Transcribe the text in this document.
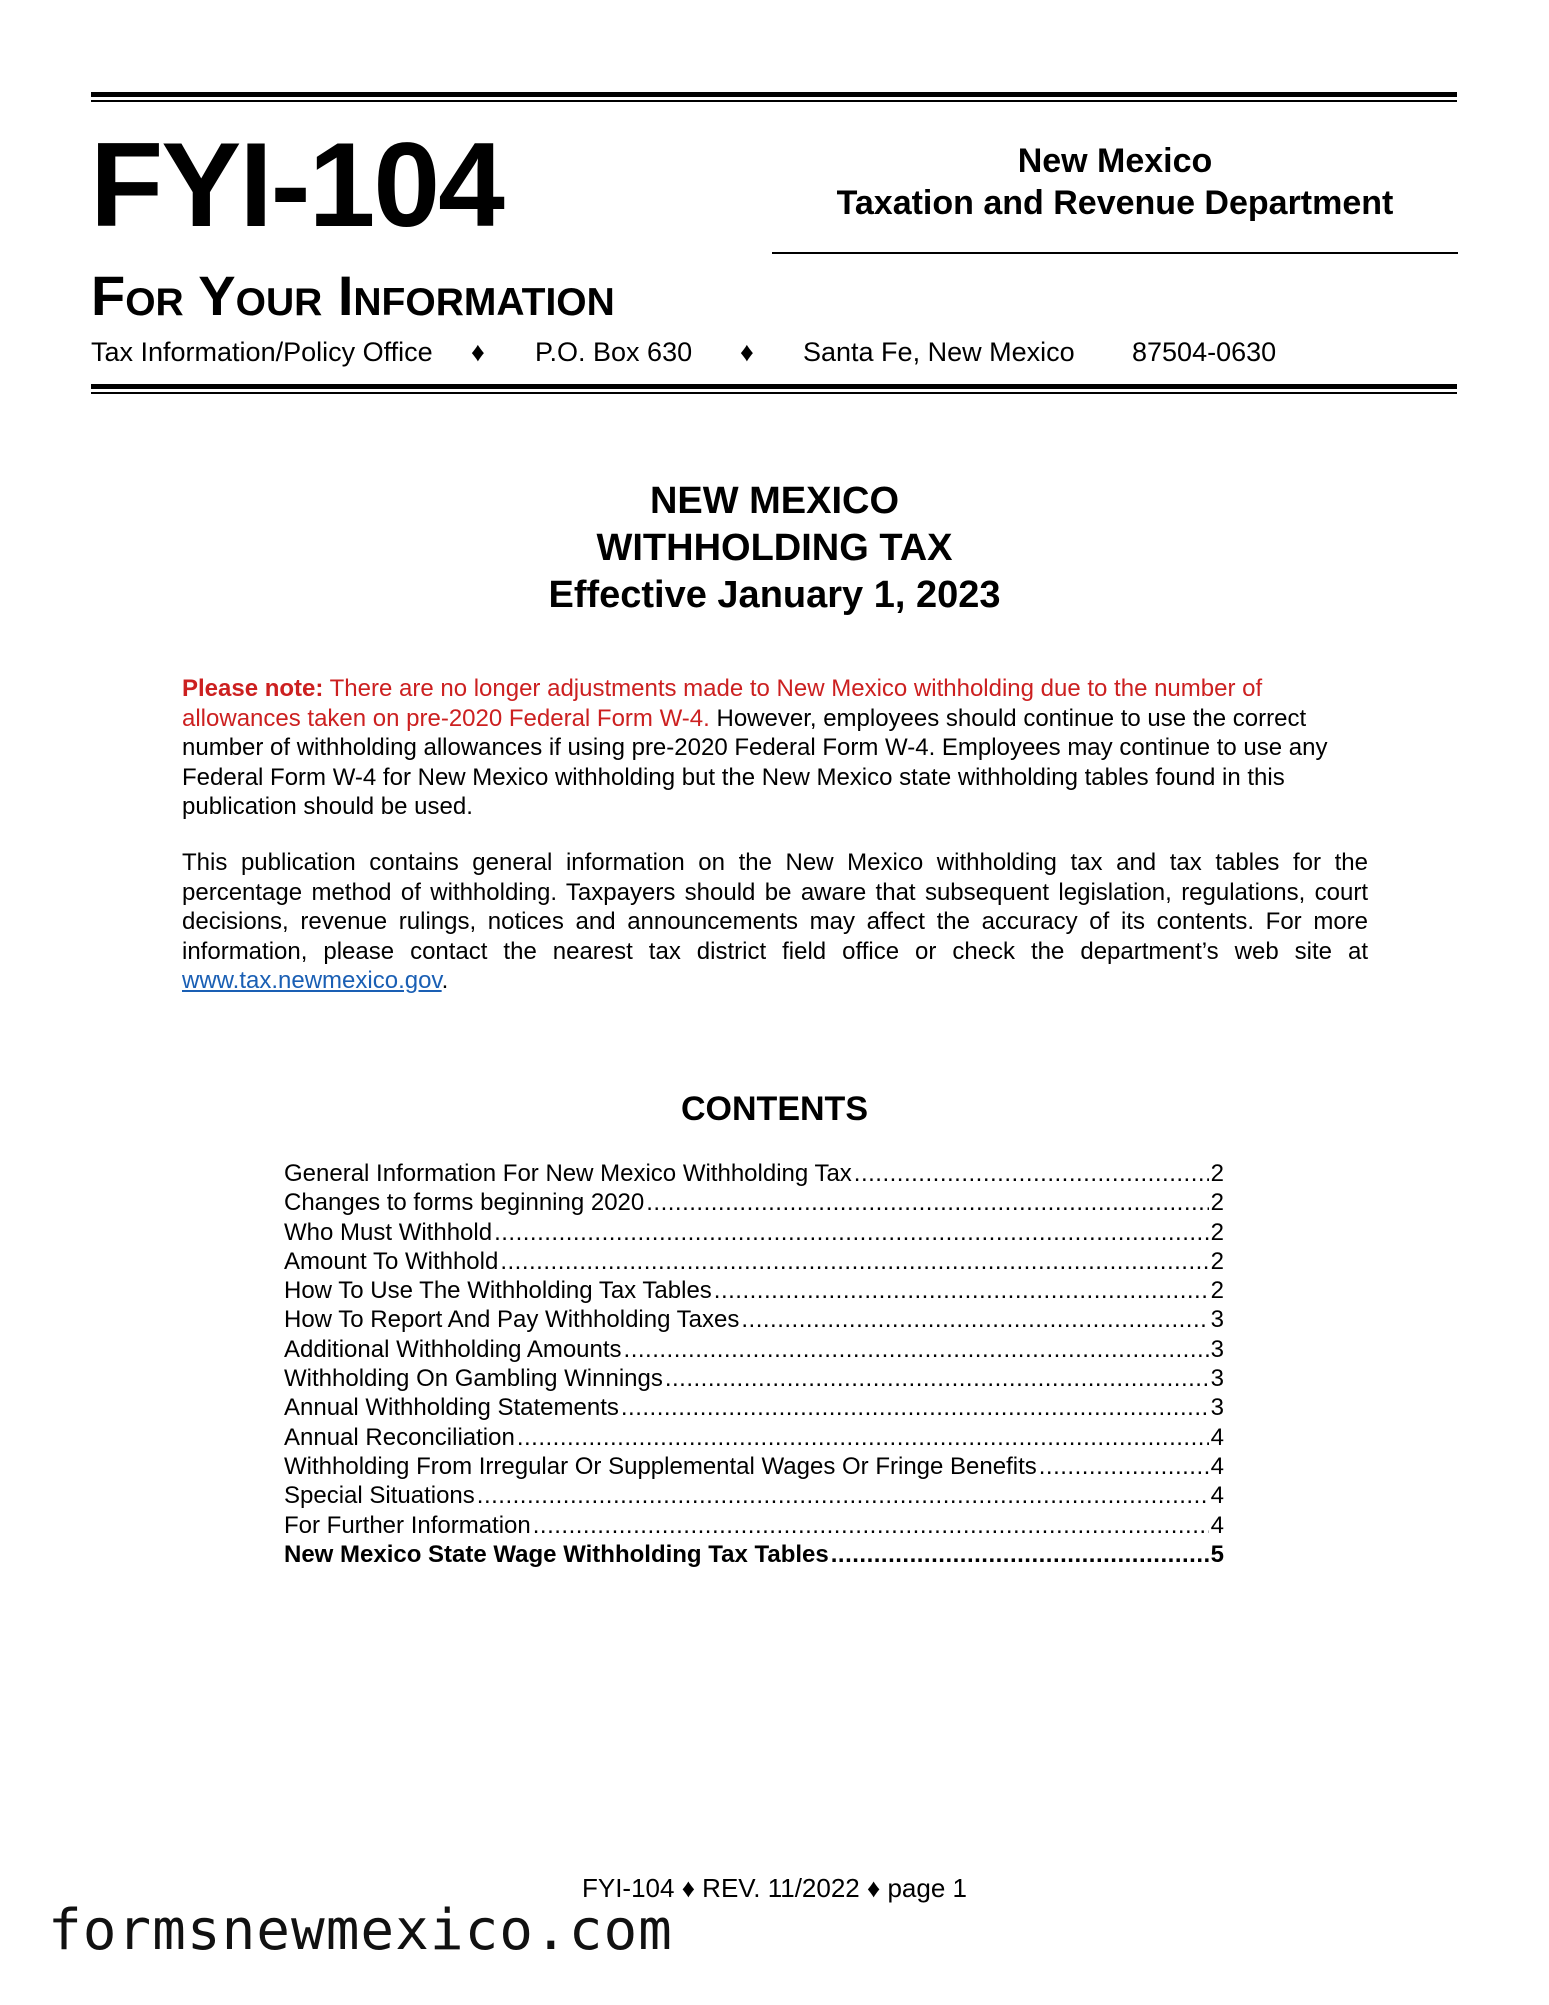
FYI-104	New Mexico
Taxation and Revenue Department
For Your Information
Tax Information/Policy Office ♦ P.O. Box 630 ♦ Santa Fe, New Mexico 87504-0630
NEW MEXICO
WITHHOLDING TAX
Effective January 1, 2023
Please note: There are no longer adjustments made to New Mexico withholding due to the number of allowances taken on pre-2020 Federal Form W-4. However, employees should continue to use the correct number of withholding allowances if using pre-2020 Federal Form W-4. Employees may continue to use any Federal Form W-4 for New Mexico withholding but the New Mexico state withholding tables found in this publication should be used.
This publication contains general information on the New Mexico withholding tax and tax tables for the percentage method of withholding. Taxpayers should be aware that subsequent legislation, regulations, court decisions, revenue rulings, notices and announcements may affect the accuracy of its contents. For more information, please contact the nearest tax district field office or check the department’s web site at www.tax.newmexico.gov.
CONTENTS
General Information For New Mexico Withholding Tax .....	2
Changes to forms beginning 2020 .....	2
Who Must Withhold .....	2
Amount To Withhold .....	2
How To Use The Withholding Tax Tables .....	2
How To Report And Pay Withholding Taxes .....	3
Additional Withholding Amounts .....	3
Withholding On Gambling Winnings .....	3
Annual Withholding Statements .....	3
Annual Reconciliation .....	4
Withholding From Irregular Or Supplemental Wages Or Fringe Benefits .....	4
Special Situations .....	4
For Further Information .....	4
New Mexico State Wage Withholding Tax Tables .....	5
FYI-104 ♦ REV. 11/2022 ♦ page 1
formsnewmexico.com
